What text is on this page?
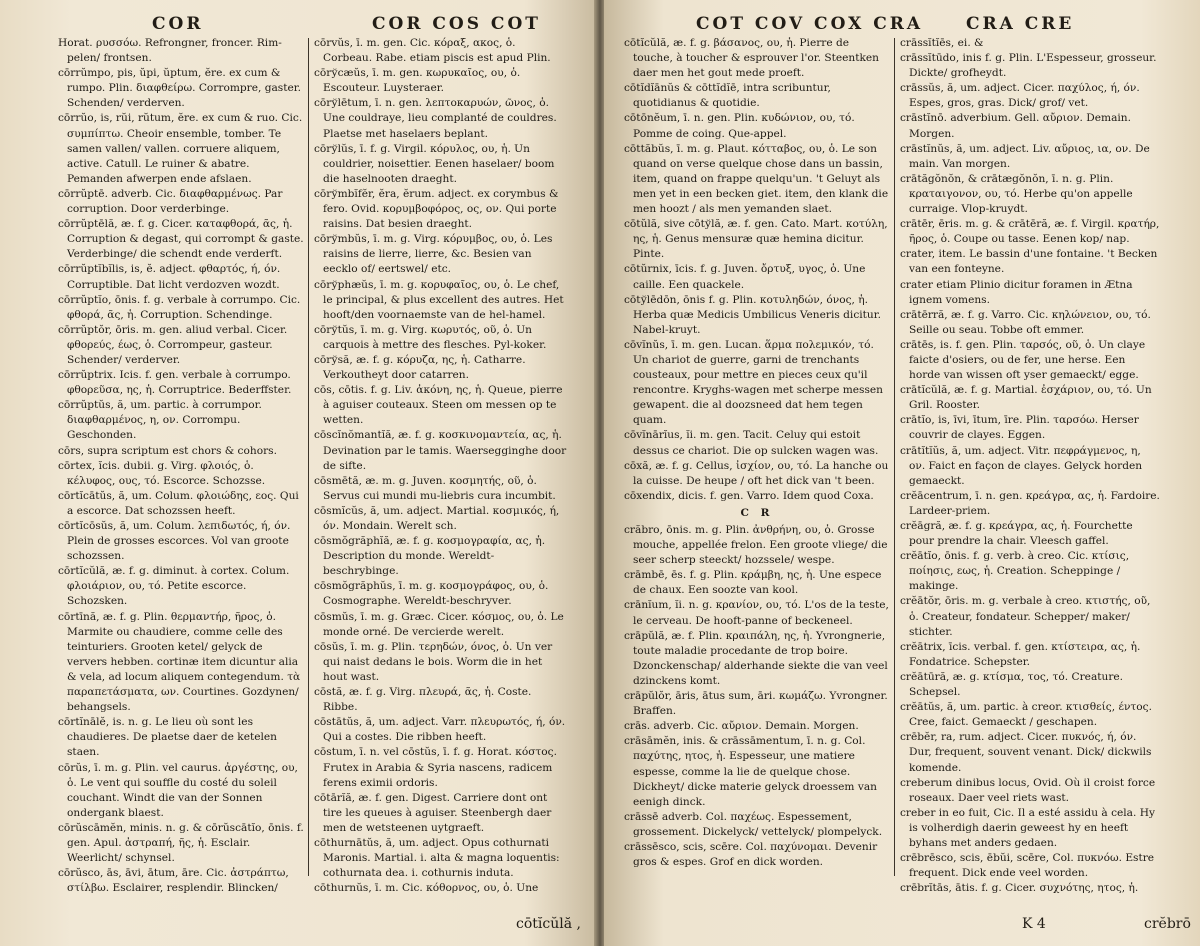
COR	COR COS COT

Horat. ρυσσόω. Refrongner, froncer. Rim-pelen/ frontsen.

cōrrŭmpo, pis, ŭpi, ŭptum, ĕre. ex cum & rumpo. Plin. διαφθείρω. Corrompre, gaster. Schenden/ verderven.

cōrrŭo, is, rŭi, rŭtum, ĕre. ex cum & ruo. Cic. συμπίπτω. Cheoir ensemble, tomber. Te samen vallen/ vallen. corruere aliquem, active. Catull. Le ruiner & abatre. Pemanden afwerpen ende afslaen.

cōrrŭptē. adverb. Cic. διαφθαρμένως. Par corruption. Door verderbinge.

cōrrŭptēlă, æ. f. g. Cicer. καταφθορά, ᾶς, ἡ. Corruption & degast, qui corrompt & gaste. Verderbinge/ die schendt ende verderft.

cōrrŭptĭbĭlis, is, ĕ. adject. φθαρτός, ή, όν. Corruptible. Dat licht verdozven wozdt.

cōrrŭptĭo, ōnis. f. g. verbale à corrumpo. Cic. φθορά, ᾶς, ἡ. Corruption. Schendinge.

cōrrŭptŏr, ōris. m. gen. aliud verbal. Cicer. φθορεύς, έως, ὁ. Corrompeur, gasteur. Schender/ verderver.

cōrrŭptrix. Icis. f. gen. verbale à corrumpo. φθορεῦσα, ης, ἡ. Corruptrice. Bederffster.

cōrrŭptŭs, ă, um. partic. à corrumpor. διαφθαρμένος, η, ον. Corrompu. Geschonden.

cōrs, supra scriptum est chors & cohors.

cōrtex, ĭcis. dubii. g. Virg. φλοιός, ὁ. κέλυφος, ους, τό. Escorce. Schozsse.

cōrtĭcātŭs, ă, um. Colum. φλοιώδης, εος. Qui a escorce. Dat schozssen heeft.

cōrtĭcōsŭs, ă, um. Colum. λεπιδωτός, ή, όν. Plein de grosses escorces. Vol van groote schozssen.

cōrtĭcŭlă, æ. f. g. diminut. à cortex. Colum. φλοιάριον, ου, τό. Petite escorce. Schozsken.

cōrtīnă, æ. f. g. Plin. θερμαντήρ, ῆρος, ὁ. Marmite ou chaudiere, comme celle des teinturiers. Grooten ketel/ gelyck de ververs hebben. cortinæ item dicuntur alia & vela, ad locum aliquem contegendum. τὰ παραπετάσματα, ων. Courtines. Gozdynen/ behangsels.

cōrtĭnālĕ, is. n. g. Le lieu où sont les chaudieres. De plaetse daer de ketelen staen.

cōrŭs, ī. m. g. Plin. vel caurus. ἀργέστης, ου, ὁ. Le vent qui souffle du costé du soleil couchant. Windt die van der Sonnen ondergank blaest.

cōrŭscāmĕn, minis. n. g. & cōrŭscātĭo, ōnis. f. gen. Apul. ἀστραπή, ῆς, ἡ. Esclair. Weerlicht/ schynsel.

cōrŭsco, ās, āvi, ātum, āre. Cic. ἀστράπτω, στίλβω. Esclairer, resplendir. Blincken/

cōrvŭs, ī. m. gen. Cic. κόραξ, ακος, ὁ. Corbeau. Rabe. etiam piscis est apud Plin.

cōrўcæŭs, ī. m. gen. κωρυκαῖος, ου, ὁ. Escouteur. Luysteraer.

cōrўlētum, ī. n. gen. λεπτοκαρυών, ῶνος, ὁ. Une couldraye, lieu complanté de couldres. Plaetse met haselaers beplant.

cōrўlŭs, ī. f. g. Virgil. κόρυλος, ου, ἡ. Un couldrier, noisettier. Eenen haselaer/ boom die haselnooten draeght.

cōrўmbĭfĕr, ĕra, ĕrum. adject. ex corymbus & fero. Ovid. κορυμβοφόρος, ος, ον. Qui porte raisins. Dat besien draeght.

cōrўmbŭs, ī. m. g. Virg. κόρυμβος, ου, ὁ. Les raisins de lierre, lierre, &c. Besien van eecklo of/ eertswel/ etc.

cōrўphæŭs, ī. m. g. κορυφαῖος, ου, ὁ. Le chef, le principal, & plus excellent des autres. Het hooft/den voornaemste van de hel-hamel.

cōrўtŭs, ī. m. g. Virg. κωρυτός, οῦ, ὁ. Un carquois à mettre des flesches. Pyl-koker.

cōrўsă, æ. f. g. κόρυζα, ης, ἡ. Catharre. Verkoutheyt door catarren.

cōs, cōtis. f. g. Liv. ἀκόνη, ης, ἡ. Queue, pierre à aguiser couteaux. Steen om messen op te wetten.

cōscĭnŏmantĭă, æ. f. g. κοσκινομαντεία, ας, ἡ. Devination par le tamis. Waersegginghe door de sifte.

cōsmētă, æ. m. g. Juven. κοσμητής, οῦ, ὁ. Servus cui mundi mu-liebris cura incumbit.

cōsmĭcŭs, ă, um. adject. Martial. κοσμικός, ή, όν. Mondain. Werelt sch.

cōsmŏgrăphĭă, æ. f. g. κοσμογραφία, ας, ἡ. Description du monde. Wereldt-beschrybinge.

cōsmŏgrăphŭs, ī. m. g. κοσμογράφος, ου, ὁ. Cosmographe. Wereldt-beschryver.

cōsmŭs, ī. m. g. Græc. Cicer. κόσμος, ου, ὁ. Le monde orné. De vercierde werelt.

cōsŭs, ī. m. g. Plin. τερηδών, όνος, ὁ. Un ver qui naist dedans le bois. Worm die in het hout wast.

cōstă, æ. f. g. Virg. πλευρά, ᾶς, ἡ. Coste. Ribbe.

cōstātŭs, ă, um. adject. Varr. πλευρωτός, ή, όν. Qui a costes. Die ribben heeft.

cōstum, ī. n. vel cōstŭs, ī. f. g. Horat. κόστος. Frutex in Arabia & Syria nascens, radicem ferens eximii ordoris.

cōtārĭă, æ. f. gen. Digest. Carriere dont ont tire les queues à aguiser. Steenbergh daer men de wetsteenen uytgraeft.

cōthurnātŭs, ă, um. adject. Opus cothurnati Maronis. Martial. i. alta & magna loquentis: cothurnata dea. i. cothurnis induta.

cōthurnŭs, ī. m. Cic. κόθορνος, ου, ὁ. Une

cōtĭcŭlă ,
COT COV COX CRA	CRA CRE

cōtĭcŭlă, æ. f. g. βάσανος, ου, ἡ. Pierre de touche, à toucher & esprouver l'or. Steentken daer men het gout mede proeft.

cōtĭdĭānŭs & cōttĭdĭē, intra scribuntur, quotidianus & quotidie.

cōtōnĕum, ī. n. gen. Plin. κυδώνιον, ου, τό. Pomme de coing. Que-appel.

cōttăbŭs, ī. m. g. Plaut. κότταβος, ου, ὁ. Le son quand on verse quelque chose dans un bassin, item, quand on frappe quelqu'un. 't Geluyt als men yet in een becken giet. item, den klank die men hoozt / als men yemanden slaet.

cōtŭlă, sive cōtўlă, æ. f. gen. Cato. Mart. κοτύλη, ης, ἡ. Genus mensuræ quæ hemina dicitur. Pinte.

cōtŭrnix, īcis. f. g. Juven. ὄρτυξ, υγος, ὁ. Une caille. Een quackele.

cōtўlēdōn, ōnis f. g. Plin. κοτυληδών, όνος, ἡ. Herba quæ Medicis Umbilicus Veneris dicitur. Nabel-kruyt.

cōvĭnŭs, ī. m. gen. Lucan. ἅρμα πολεμικόν, τό. Un chariot de guerre, garni de trenchants cousteaux, pour mettre en pieces ceux qu'il rencontre. Kryghs-wagen met scherpe messen gewapent. die al doozsneed dat hem tegen quam.

cōvĭnārĭus, ĭi. m. gen. Tacit. Celuy qui estoit dessus ce chariot. Die op sulcken wagen was.

cōxă, æ. f. g. Cellus, ἰσχίον, ου, τό. La hanche ou la cuisse. De heupe / oft het dick van 't been.

cōxendix, dicis. f. gen. Varro. Idem quod Coxa.

C R

crăbro, ōnis. m. g. Plin. ἀνθρήνη, ου, ὁ. Grosse mouche, appellée frelon. Een groote vliege/ die seer scherp steeckt/ hozssele/ wespe.

crāmbē, ēs. f. g. Plin. κράμβη, ης, ἡ. Une espece de chaux. Een soozte van kool.

crānĭum, ĭi. n. g. κρανίον, ου, τό. L'os de la teste, le cerveau. De hooft-panne of beckeneel.

crāpŭlă, æ. f. Plin. κραιπάλη, ης, ἡ. Yvrongnerie, toute maladie procedante de trop boire. Dzonckenschap/ alderhande siekte die van veel dzinckens komt.

crāpŭlŏr, āris, ātus sum, āri. κωμάζω. Yvrongner. Braffen.

crās. adverb. Cic. αὔριον. Demain. Morgen.

crāsāmĕn, inis. & crāssāmentum, ī. n. g. Col. παχύτης, ητος, ἡ. Espesseur, une matiere espesse, comme la lie de quelque chose. Dickheyt/ dicke materie gelyck droessem van eenigh dinck.

crāssē adverb. Col. παχέως. Espessement, grossement. Dickelyck/ vettelyck/ plompelyck.

crāssēsco, scis, scēre. Col. παχύνομαι. Devenir gros & espes. Grof en dick worden.

crāssĭtĭēs, ei. &

crāssĭtūdo, inis f. g. Plin. L'Espesseur, grosseur. Dickte/ grofheydt.

crāssŭs, ă, um. adject. Cicer. παχύλος, ή, όν. Espes, gros, gras. Dick/ grof/ vet.

crāstĭnō. adverbium. Gell. αὔριον. Demain. Morgen.

crāstĭnŭs, ă, um. adject. Liv. αὔριος, ια, ον. De main. Van morgen.

crātăgŏnŏn, & crātægŏnŏn, ī. n. g. Plin. κραταιγονον, ου, τό. Herbe qu'on appelle curraige. Vlop-kruydt.

crātēr, ēris. m. g. & crātēră, æ. f. Virgil. κρατήρ, ῆρος, ὁ. Coupe ou tasse. Eenen kop/ nap.

crater, item. Le bassin d'une fontaine. 't Becken van een fonteyne.

crater etiam Plinio dicitur foramen in Ætna ignem vomens.

crātērră, æ. f. g. Varro. Cic. κηλώνειον, ου, τό. Seille ou seau. Tobbe oft emmer.

crātēs, is. f. gen. Plin. ταρσός, οῦ, ὁ. Un claye faicte d'osiers, ou de fer, une herse. Een horde van wissen oft yser gemaeckt/ egge.

crātĭcŭlă, æ. f. g. Martial. ἐσχάριον, ου, τό. Un Gril. Rooster.

crātĭo, is, īvi, ītum, īre. Plin. ταρσόω. Herser couvrir de clayes. Eggen.

crātĭtĭŭs, ă, um. adject. Vitr. πεφράγμενος, η, ον. Faict en façon de clayes. Gelyck horden gemaeckt.

crĕācentrum, ī. n. gen. κρεάγρα, ας, ἡ. Fardoire. Lardeer-priem.

crĕāgră, æ. f. g. κρεάγρα, ας, ἡ. Fourchette pour prendre la chair. Vleesch gaffel.

crĕātĭo, ōnis. f. g. verb. à creo. Cic. κτίσις, ποίησις, εως, ἡ. Creation. Scheppinge / makinge.

crĕātŏr, ōris. m. g. verbale à creo. κτιστής, οῦ, ὁ. Createur, fondateur. Schepper/ maker/ stichter.

crĕātrix, īcis. verbal. f. gen. κτίστειρα, ας, ἡ. Fondatrice. Schepster.

crĕātūră, æ. g. κτίσμα, τος, τό. Creature. Schepsel.

crĕātŭs, ă, um. partic. à creor. κτισθείς, έντος. Cree, faict. Gemaeckt / geschapen.

crēbĕr, ra, rum. adject. Cicer. πυκνός, ή, όν. Dur, frequent, souvent venant. Dick/ dickwils komende.

creberum dinibus locus, Ovid. Où il croist force roseaux. Daer veel riets wast.

creber in eo fuit, Cic. Il a esté assidu à cela. Hy is volherdigh daerin geweest hy en heeft byhans met anders gedaen.

crēbrēsco, scis, ēbŭi, scēre, Col. πυκνόω. Estre frequent. Dick ende veel worden.

crēbrĭtās, ātis. f. g. Cicer. συχνότης, ητος, ἡ.

K 4	crĕbrō
